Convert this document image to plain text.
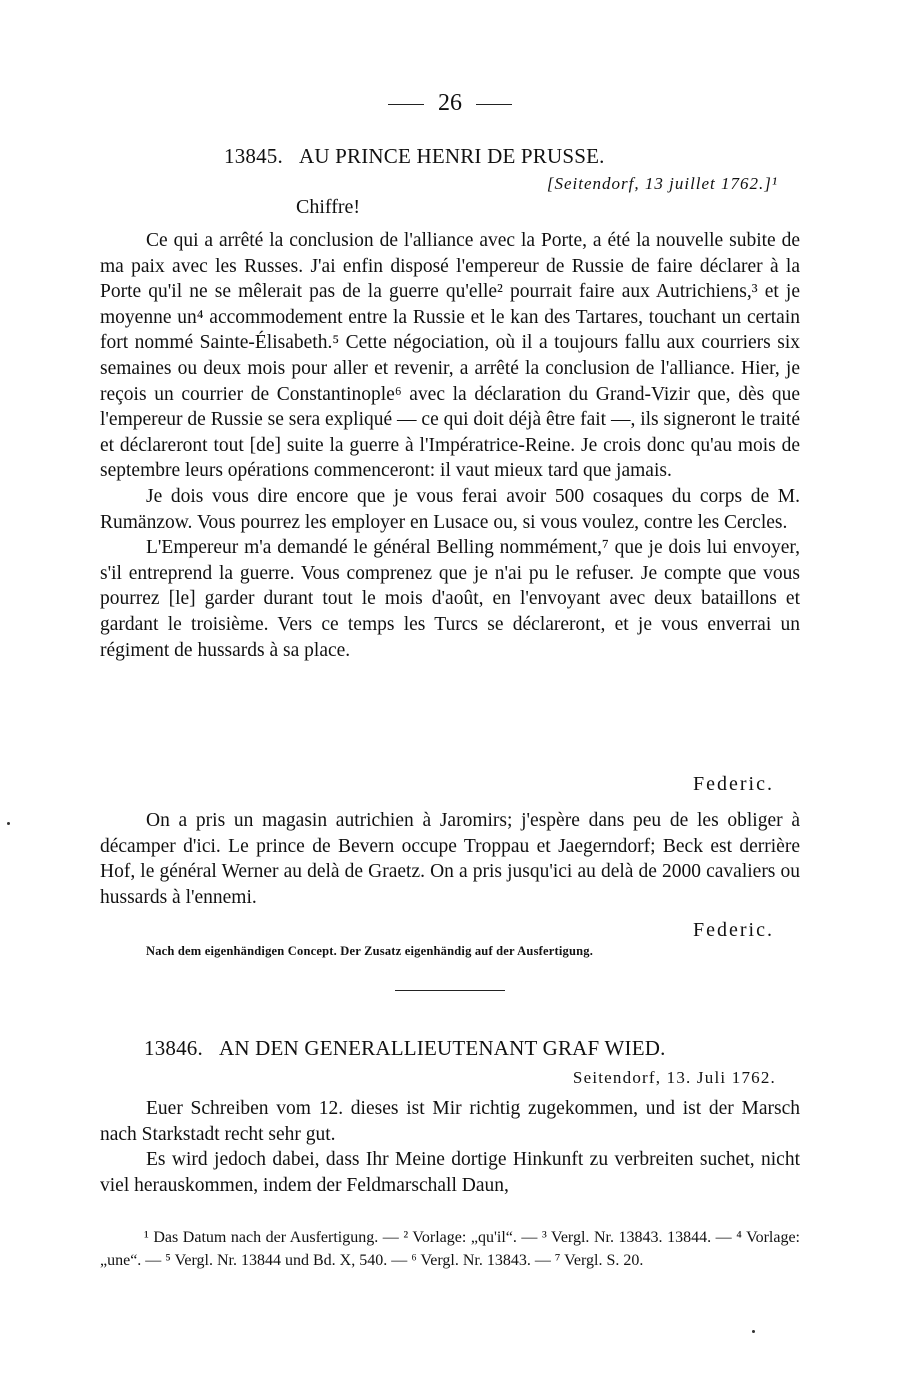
26
13845. AU PRINCE HENRI DE PRUSSE.
[Seitendorf, 13 juillet 1762.]¹
Chiffre!

Ce qui a arrêté la conclusion de l'alliance avec la Porte, a été la nouvelle subite de ma paix avec les Russes. J'ai enfin disposé l'empereur de Russie de faire déclarer à la Porte qu'il ne se mêlerait pas de la guerre qu'elle² pourrait faire aux Autrichiens,³ et je moyenne un⁴ accommodement entre la Russie et le kan des Tartares, touchant un certain fort nommé Sainte-Élisabeth.⁵ Cette négociation, où il a toujours fallu aux courriers six semaines ou deux mois pour aller et revenir, a arrêté la conclusion de l'alliance. Hier, je reçois un courrier de Constantinople⁶ avec la déclaration du Grand-Vizir que, dès que l'empereur de Russie se sera expliqué — ce qui doit déjà être fait —, ils signeront le traité et déclareront tout [de] suite la guerre à l'Impératrice-Reine. Je crois donc qu'au mois de septembre leurs opérations commenceront: il vaut mieux tard que jamais.

Je dois vous dire encore que je vous ferai avoir 500 cosaques du corps de M. Rumänzow. Vous pourrez les employer en Lusace ou, si vous voulez, contre les Cercles.

L'Empereur m'a demandé le général Belling nommément,⁷ que je dois lui envoyer, s'il entreprend la guerre. Vous comprenez que je n'ai pu le refuser. Je compte que vous pourrez [le] garder durant tout le mois d'août, en l'envoyant avec deux bataillons et gardant le troisième. Vers ce temps les Turcs se déclareront, et je vous enverrai un régiment de hussards à sa place.

Federic.

On a pris un magasin autrichien à Jaromirs; j'espère dans peu de les obliger à décamper d'ici. Le prince de Bevern occupe Troppau et Jaegerndorf; Beck est derrière Hof, le général Werner au delà de Graetz. On a pris jusqu'ici au delà de 2000 cavaliers ou hussards à l'ennemi.

Federic.
Nach dem eigenhändigen Concept. Der Zusatz eigenhändig auf der Ausfertigung.
13846. AN DEN GENERALLIEUTENANT GRAF WIED.
Seitendorf, 13. Juli 1762.

Euer Schreiben vom 12. dieses ist Mir richtig zugekommen, und ist der Marsch nach Starkstadt recht sehr gut.

Es wird jedoch dabei, dass Ihr Meine dortige Hinkunft zu verbreiten suchet, nicht viel herauskommen, indem der Feldmarschall Daun,

¹ Das Datum nach der Ausfertigung. — ² Vorlage: „qu'il“. — ³ Vergl. Nr. 13843. 13844. — ⁴ Vorlage: „une“. — ⁵ Vergl. Nr. 13844 und Bd. X, 540. — ⁶ Vergl. Nr. 13843. — ⁷ Vergl. S. 20.
